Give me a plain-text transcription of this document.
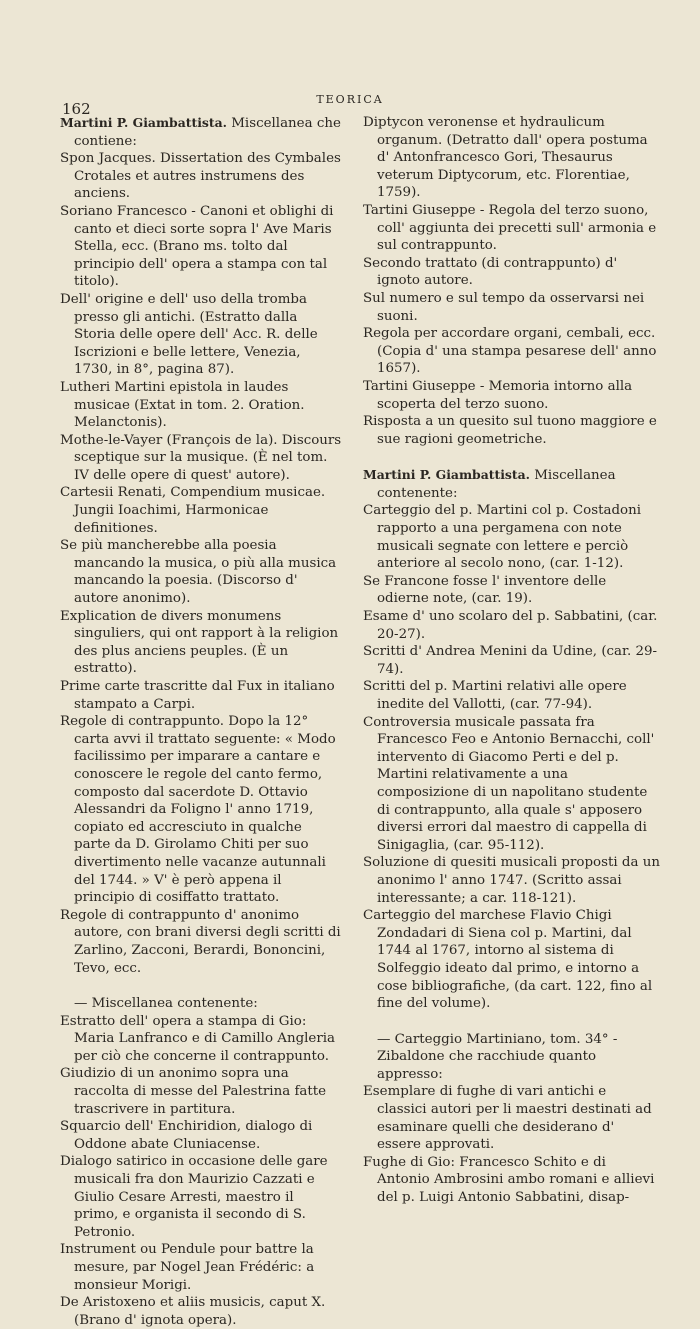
162
TEORICA

Martini P. Giambattista. Miscellanea che contiene:

Spon Jacques. Dissertation des Cymbales Crotales et autres instrumens des anciens.

Soriano Francesco - Canoni et oblighi di canto et dieci sorte sopra l' Ave Maris Stella, ecc. (Brano ms. tolto dal principio dell' opera a stampa con tal titolo).

Dell' origine e dell' uso della tromba presso gli antichi. (Estratto dalla Storia delle opere dell' Acc. R. delle Iscrizioni e belle lettere, Venezia, 1730, in 8°, pagina 87).

Lutheri Martini epistola in laudes musicae (Extat in tom. 2. Oration. Melanctonis).

Mothe-le-Vayer (François de la). Discours sceptique sur la musique. (È nel tom. IV delle opere di quest' autore).

Cartesii Renati, Compendium musicae. Jungii Ioachimi, Harmonicae definitiones.

Se più mancherebbe alla poesia mancando la musica, o più alla musica mancando la poesia. (Discorso d' autore anonimo).

Explication de divers monumens singuliers, qui ont rapport à la religion des plus anciens peuples. (È un estratto).

Prime carte trascritte dal Fux in italiano stampato a Carpi.

Regole di contrappunto. Dopo la 12° carta avvi il trattato seguente: « Modo facilissimo per imparare a cantare e conoscere le regole del canto fermo, composto dal sacerdote D. Ottavio Alessandri da Foligno l' anno 1719, copiato ed accresciuto in qualche parte da D. Girolamo Chiti per suo divertimento nelle vacanze autunnali del 1744. » V' è però appena il principio di cosiffatto trattato.

Regole di contrappunto d' anonimo autore, con brani diversi degli scritti di Zarlino, Zacconi, Berardi, Bononcini, Tevo, ecc.

— Miscellanea contenente:

Estratto dell' opera a stampa di Gio: Maria Lanfranco e di Camillo Angleria per ciò che concerne il contrappunto.

Giudizio di un anonimo sopra una raccolta di messe del Palestrina fatte trascrivere in partitura.

Squarcio dell' Enchiridion, dialogo di Oddone abate Cluniacense.

Dialogo satirico in occasione delle gare musicali fra don Maurizio Cazzati e Giulio Cesare Arresti, maestro il primo, e organista il secondo di S. Petronio.

Instrument ou Pendule pour battre la mesure, par Nogel Jean Frédéric: a monsieur Morigi.

De Aristoxeno et aliis musicis, caput X. (Brano d' ignota opera).

Diptycon veronense et hydraulicum organum. (Detratto dall' opera postuma d' Antonfrancesco Gori, Thesaurus veterum Diptycorum, etc. Florentiae, 1759).

Tartini Giuseppe - Regola del terzo suono, coll' aggiunta dei precetti sull' armonia e sul contrappunto.

Secondo trattato (di contrappunto) d' ignoto autore.

Sul numero e sul tempo da osservarsi nei suoni.

Regola per accordare organi, cembali, ecc. (Copia d' una stampa pesarese dell' anno 1657).

Tartini Giuseppe - Memoria intorno alla scoperta del terzo suono.

Risposta a un quesito sul tuono maggiore e sue ragioni geometriche.

Martini P. Giambattista. Miscellanea contenente:

Carteggio del p. Martini col p. Costadoni rapporto a una pergamena con note musicali segnate con lettere e perciò anteriore al secolo nono, (car. 1-12).

Se Francone fosse l' inventore delle odierne note, (car. 19).

Esame d' uno scolaro del p. Sabbatini, (car. 20-27).

Scritti d' Andrea Menini da Udine, (car. 29-74).

Scritti del p. Martini relativi alle opere inedite del Vallotti, (car. 77-94).

Controversia musicale passata fra Francesco Feo e Antonio Bernacchi, coll' intervento di Giacomo Perti e del p. Martini relativamente a una composizione di un napolitano studente di contrappunto, alla quale s' apposero diversi errori dal maestro di cappella di Sinigaglia, (car. 95-112).

Soluzione di quesiti musicali proposti da un anonimo l' anno 1747. (Scritto assai interessante; a car. 118-121).

Carteggio del marchese Flavio Chigi Zondadari di Siena col p. Martini, dal 1744 al 1767, intorno al sistema di Solfeggio ideato dal primo, e intorno a cose bibliografiche, (da cart. 122, fino al fine del volume).

— Carteggio Martiniano, tom. 34° - Zibaldone che racchiude quanto appresso:

Esemplare di fughe di vari antichi e classici autori per li maestri destinati ad esaminare quelli che desiderano d' essere approvati.

Fughe di Gio: Francesco Schito e di Antonio Ambrosini ambo romani e allievi del p. Luigi Antonio Sabbatini, disap-
